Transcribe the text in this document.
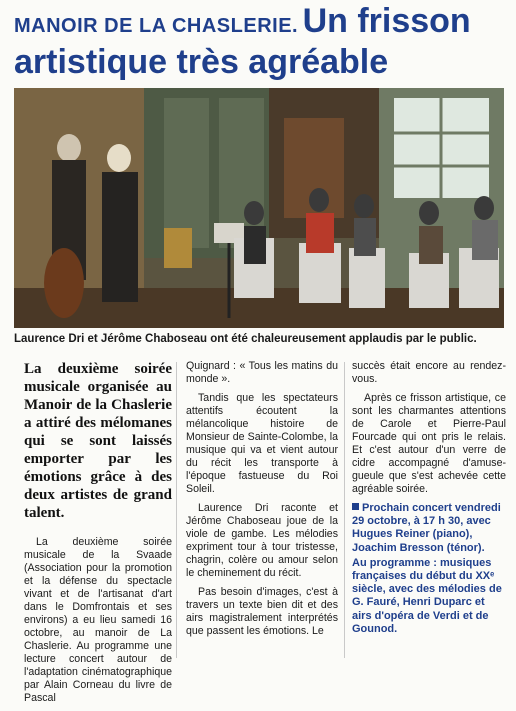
MANOIR DE LA CHASLERIE. Un frisson
artistique très agréable
Laurence Dri et Jérôme Chaboseau ont été chaleureusement applaudis par le public.

La deuxième soirée musicale organisée au Manoir de la Chaslerie a attiré des mélomanes qui se sont laissés emporter par les émotions grâce à des deux artistes de grand talent.

La deuxième soirée musicale de la Svaade (Association pour la promotion et la défense du spectacle vivant et de l'artisanat d'art dans le Domfrontais et ses environs) a eu lieu samedi 16 octobre, au manoir de La Chaslerie. Au programme une lecture concert autour de l'adaptation cinématographique par Alain Corneau du livre de Pascal

Quignard : « Tous les matins du monde ».

Tandis que les spectateurs attentifs écoutent la mélancolique histoire de Monsieur de Sainte-Colombe, la musique qui va et vient autour du récit les transporte à l'époque fastueuse du Roi Soleil.

Laurence Dri raconte et Jérôme Chaboseau joue de la viole de gambe. Les mélodies expriment tour à tour tristesse, chagrin, colère ou amour selon le cheminement du récit.

Pas besoin d'images, c'est à travers un texte bien dit et des airs magistralement interprétés que passent les émotions. Le

succès était encore au rendez-vous.

Après ce frisson artistique, ce sont les charmantes attentions de Carole et Pierre-Paul Fourcade qui ont pris le relais. Et c'est autour d'un verre de cidre accompagné d'amuse-gueule que s'est achevée cette agréable soirée.

Prochain concert vendredi 29 octobre, à 17 h 30, avec Hugues Reiner (piano), Joachim Bresson (ténor).

Au programme : musiques françaises du début du XXᵉ siècle, avec des mélodies de G. Fauré, Henri Duparc et airs d'opéra de Verdi et de Gounod.
